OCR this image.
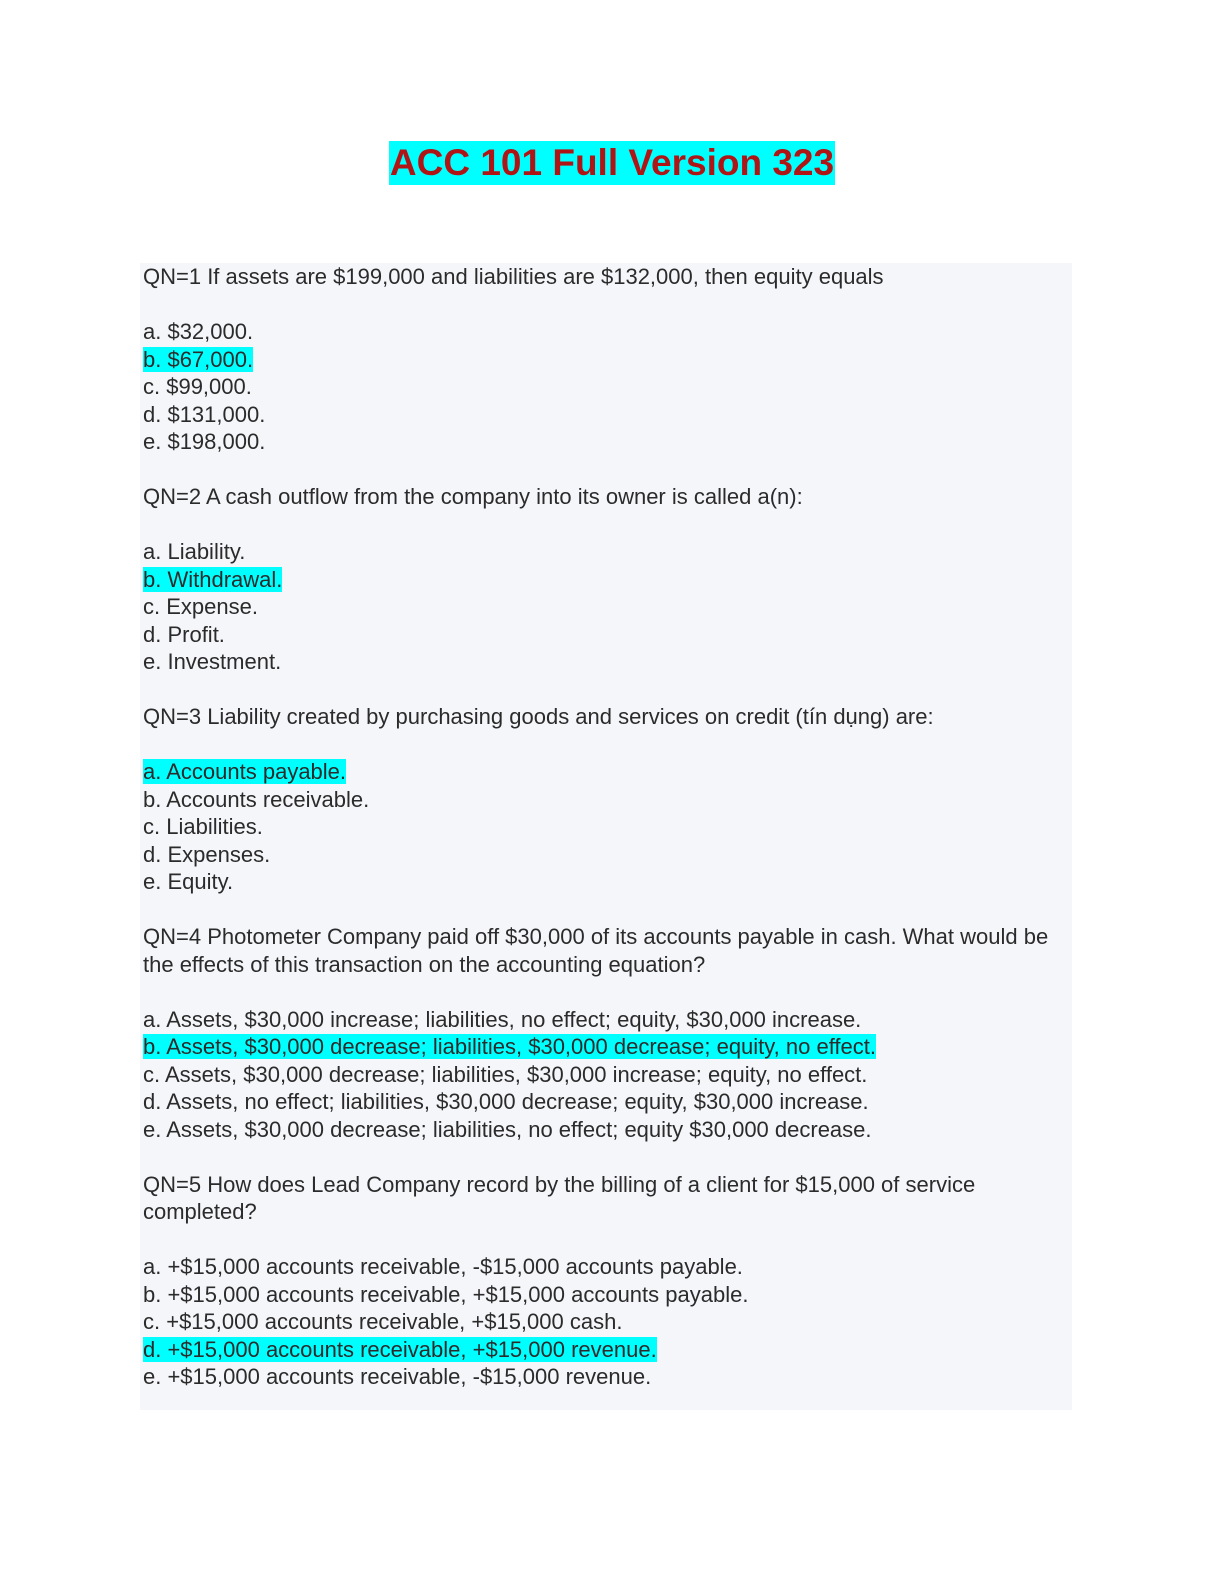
ACC 101 Full Version 323

QN=1 If assets are $199,000 and liabilities are $132,000, then equity equals

a. $32,000.
b. $67,000.
c. $99,000.
d. $131,000.
e. $198,000.

QN=2 A cash outflow from the company into its owner is called a(n):

a. Liability.
b. Withdrawal.
c. Expense.
d. Profit.
e. Investment.

QN=3 Liability created by purchasing goods and services on credit (tín dụng) are:

a. Accounts payable.
b. Accounts receivable.
c. Liabilities.
d. Expenses.
e. Equity.

QN=4 Photometer Company paid off $30,000 of its accounts payable in cash. What would be the effects of this transaction on the accounting equation?

a. Assets, $30,000 increase; liabilities, no effect; equity, $30,000 increase.
b. Assets, $30,000 decrease; liabilities, $30,000 decrease; equity, no effect.
c. Assets, $30,000 decrease; liabilities, $30,000 increase; equity, no effect.
d. Assets, no effect; liabilities, $30,000 decrease; equity, $30,000 increase.
e. Assets, $30,000 decrease; liabilities, no effect; equity $30,000 decrease.

QN=5 How does Lead Company record by the billing of a client for $15,000 of service completed?

a. +$15,000 accounts receivable, -$15,000 accounts payable.
b. +$15,000 accounts receivable, +$15,000 accounts payable.
c. +$15,000 accounts receivable, +$15,000 cash.
d. +$15,000 accounts receivable, +$15,000 revenue.
e. +$15,000 accounts receivable, -$15,000 revenue.
